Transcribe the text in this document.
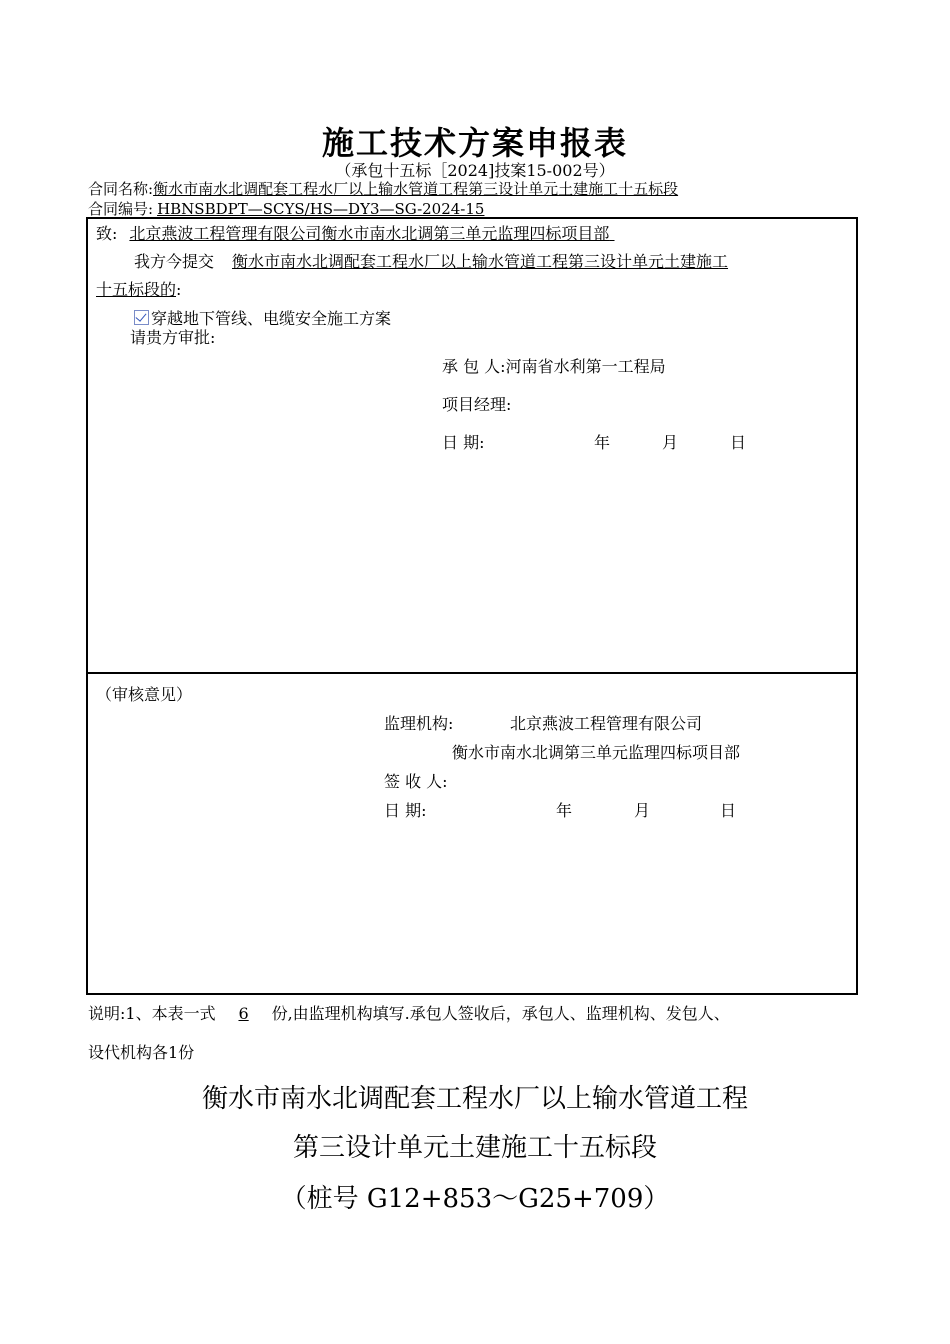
施工技术方案申报表
（承包十五标［2024]技案15-002号）
合同名称:衡水市南水北调配套工程水厂以上输水管道工程第三设计单元土建施工十五标段
合同编号: HBNSBDPT—SCYS/HS—DY3—SG-2024-15
致: 北京燕波工程管理有限公司衡水市南水北调第三单元监理四标项目部
我方今提交 衡水市南水北调配套工程水厂以上输水管道工程第三设计单元土建施工
十五标段的:
穿越地下管线、电缆安全施工方案
请贵方审批:
承 包 人:河南省水利第一工程局
项目经理:
日 期:	年	月	日
（审核意见）
监理机构:	北京燕波工程管理有限公司
衡水市南水北调第三单元监理四标项目部
签 收 人:
日 期:	年	月	日
说明:1、本表一式 6 份,由监理机构填写.承包人签收后，承包人、监理机构、发包人、
设代机构各1份
衡水市南水北调配套工程水厂以上输水管道工程
第三设计单元土建施工十五标段
（桩号 G12+853～G25+709）
